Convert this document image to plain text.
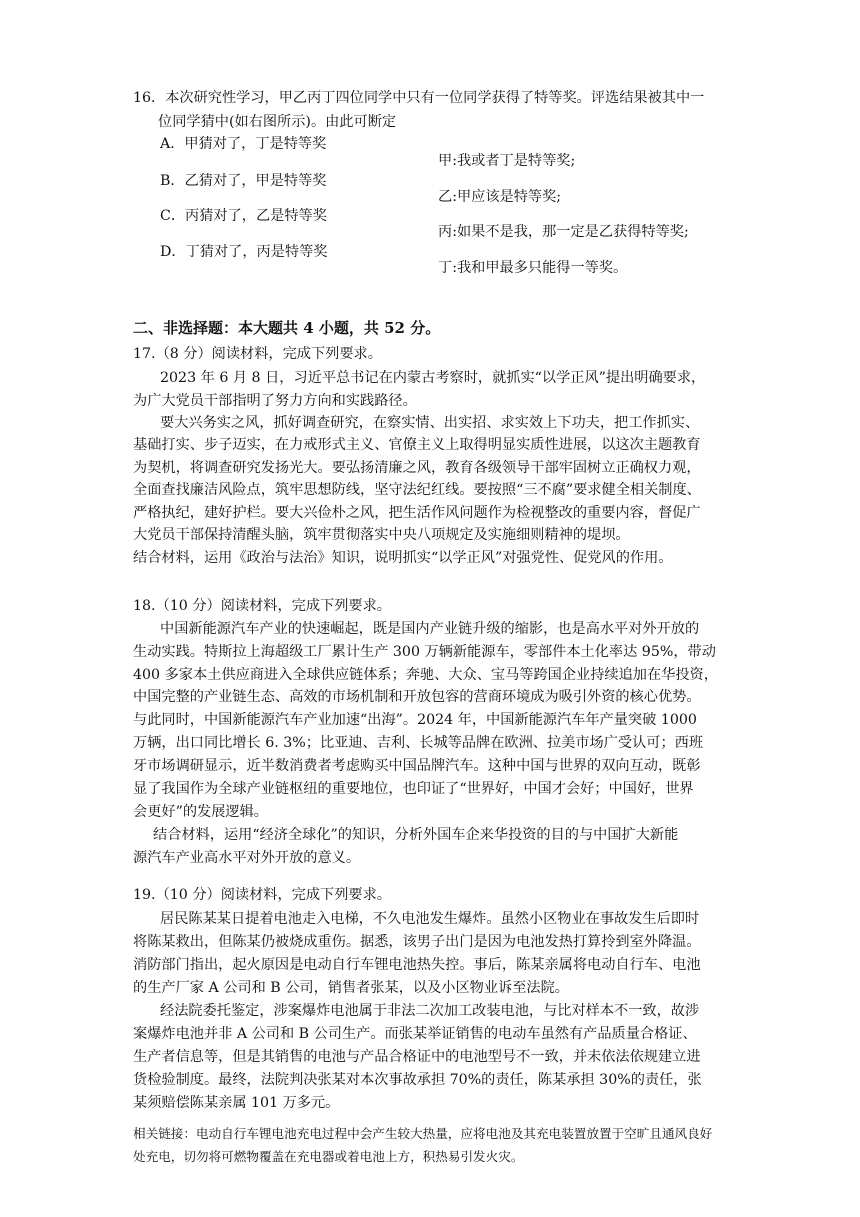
16．本次研究性学习，甲乙丙丁四位同学中只有一位同学获得了特等奖。评选结果被其中一
位同学猜中(如右图所示)。由此可断定
A．甲猜对了，丁是特等奖
B．乙猜对了，甲是特等奖
C．丙猜对了，乙是特等奖
D．丁猜对了，丙是特等奖
甲:我或者丁是特等奖;
乙:甲应该是特等奖;
丙:如果不是我，那一定是乙获得特等奖;
丁:我和甲最多只能得一等奖。
二、非选择题：本大题共 4 小题，共 52 分。
17.（8 分）阅读材料，完成下列要求。
2023 年 6 月 8 日，习近平总书记在内蒙古考察时，就抓实“以学正风”提出明确要求，
为广大党员干部指明了努力方向和实践路径。
要大兴务实之风，抓好调查研究，在察实情、出实招、求实效上下功夫，把工作抓实、
基础打实、步子迈实，在力戒形式主义、官僚主义上取得明显实质性进展，以这次主题教育
为契机，将调查研究发扬光大。要弘扬清廉之风，教育各级领导干部牢固树立正确权力观，
全面查找廉洁风险点，筑牢思想防线，坚守法纪红线。要按照“三不腐”要求健全相关制度、
严格执纪，建好护栏。要大兴俭朴之风，把生活作风问题作为检视整改的重要内容，督促广
大党员干部保持清醒头脑，筑牢贯彻落实中央八项规定及实施细则精神的堤坝。
结合材料，运用《政治与法治》知识，说明抓实“以学正风”对强党性、促党风的作用。
18.（10 分）阅读材料，完成下列要求。
中国新能源汽车产业的快速崛起，既是国内产业链升级的缩影，也是高水平对外开放的
生动实践。特斯拉上海超级工厂累计生产 300 万辆新能源车，零部件本土化率达 95%，带动
400 多家本土供应商进入全球供应链体系；奔驰、大众、宝马等跨国企业持续追加在华投资，
中国完整的产业链生态、高效的市场机制和开放包容的营商环境成为吸引外资的核心优势。
与此同时，中国新能源汽车产业加速“出海”。2024 年，中国新能源汽车年产量突破 1000
万辆，出口同比增长 6. 3%；比亚迪、吉利、长城等品牌在欧洲、拉美市场广受认可；西班
牙市场调研显示，近半数消费者考虑购买中国品牌汽车。这种中国与世界的双向互动，既彰
显了我国作为全球产业链枢纽的重要地位，也印证了“世界好，中国才会好；中国好，世界
会更好”的发展逻辑。
结合材料，运用“经济全球化”的知识，分析外国车企来华投资的目的与中国扩大新能
源汽车产业高水平对外开放的意义。
19.（10 分）阅读材料，完成下列要求。
居民陈某某日提着电池走入电梯，不久电池发生爆炸。虽然小区物业在事故发生后即时
将陈某救出，但陈某仍被烧成重伤。据悉，该男子出门是因为电池发热打算拎到室外降温。
消防部门指出，起火原因是电动自行车锂电池热失控。事后，陈某亲属将电动自行车、电池
的生产厂家 A 公司和 B 公司，销售者张某，以及小区物业诉至法院。
经法院委托鉴定，涉案爆炸电池属于非法二次加工改装电池，与比对样本不一致，故涉
案爆炸电池并非 A 公司和 B 公司生产。而张某举证销售的电动车虽然有产品质量合格证、
生产者信息等，但是其销售的电池与产品合格证中的电池型号不一致，并未依法依规建立进
货检验制度。最终，法院判决张某对本次事故承担 70%的责任，陈某承担 30%的责任，张
某须赔偿陈某亲属 101 万多元。
相关链接：电动自行车锂电池充电过程中会产生较大热量，应将电池及其充电装置放置于空旷且通风良好
处充电，切勿将可燃物覆盖在充电器或着电池上方，积热易引发火灾。
